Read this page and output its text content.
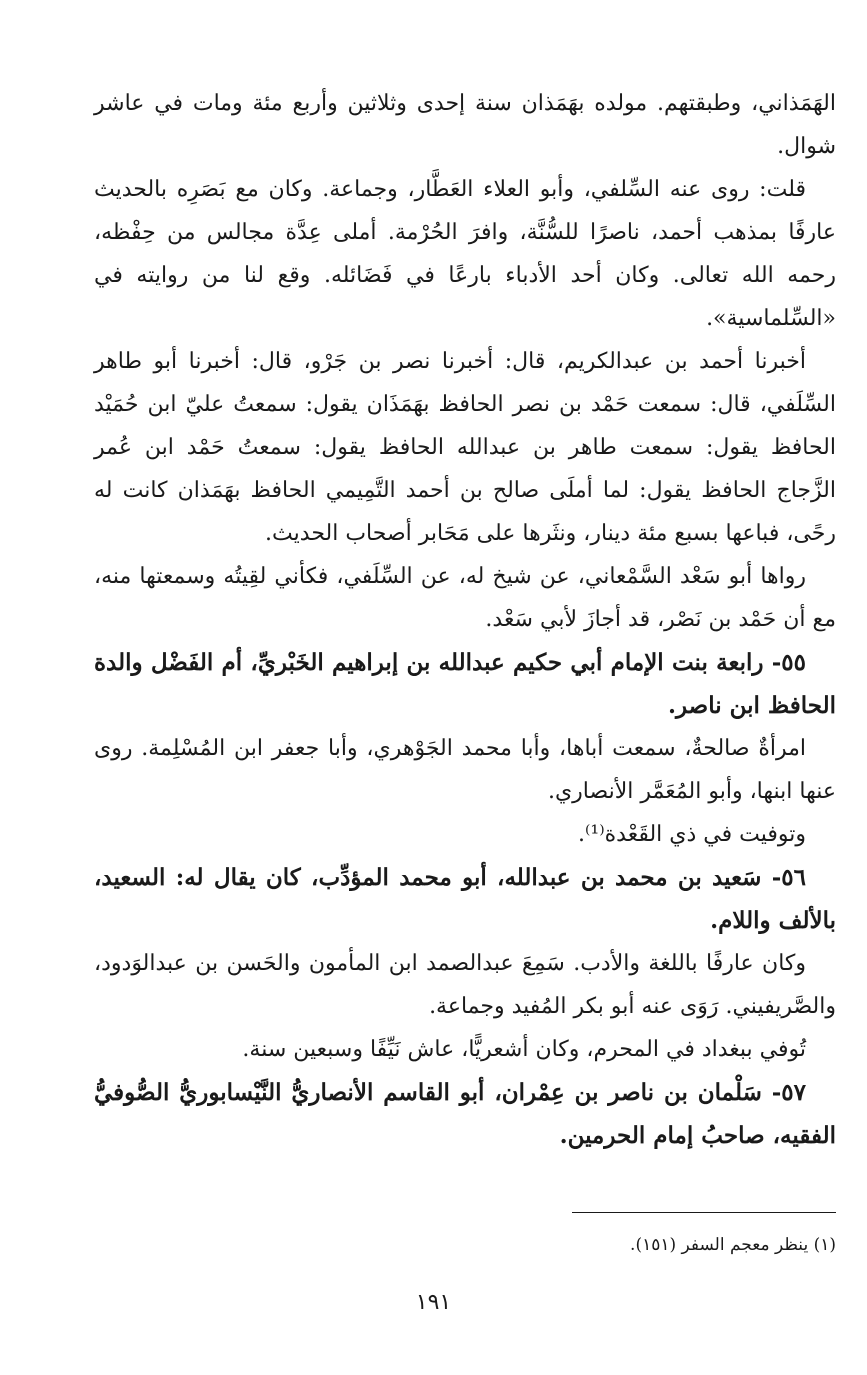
الهَمَذاني، وطبقتهم. مولده بهَمَذان سنة إحدى وثلاثين وأربع مئة ومات في عاشر شوال.

قلت: روى عنه السِّلفي، وأبو العلاء العَطَّار، وجماعة. وكان مع بَصَرِه بالحديث عارفًا بمذهب أحمد، ناصرًا للسُّنَّة، وافرَ الحُرْمة. أملى عِدَّة مجالس من حِفْظه، رحمه الله تعالى. وكان أحد الأدباء بارعًا في فَضَائله. وقع لنا من روايته في «السِّلماسية».

أخبرنا أحمد بن عبدالكريم، قال: أخبرنا نصر بن جَرْو، قال: أخبرنا أبو طاهر السِّلَفي، قال: سمعت حَمْد بن نصر الحافظ بهَمَذَان يقول: سمعتُ عليّ ابن حُمَيْد الحافظ يقول: سمعت طاهر بن عبدالله الحافظ يقول: سمعتُ حَمْد ابن عُمر الزَّجاج الحافظ يقول: لما أملَى صالح بن أحمد التَّمِيمي الحافظ بهَمَذان كانت له رحًى، فباعها بسبع مئة دينار، ونثَرها على مَحَابر أصحاب الحديث.

رواها أبو سَعْد السَّمْعاني، عن شيخ له، عن السِّلَفي، فكأني لقِيتُه وسمعتها منه، مع أن حَمْد بن نَصْر، قد أجازَ لأبي سَعْد.

٥٥- رابعة بنت الإمام أبي حكيم عبدالله بن إبراهيم الخَبْريِّ، أم الفَضْل والدة الحافظ ابن ناصر.

امرأةٌ صالحةٌ، سمعت أباها، وأبا محمد الجَوْهري، وأبا جعفر ابن المُسْلِمة. روى عنها ابنها، وأبو المُعَمَّر الأنصاري.

وتوفيت في ذي القَعْدة⁽¹⁾.

٥٦- سَعيد بن محمد بن عبدالله، أبو محمد المؤدِّب، كان يقال له: السعيد، بالألف واللام.

وكان عارفًا باللغة والأدب. سَمِعَ عبدالصمد ابن المأمون والحَسن بن عبدالوَدود، والصَّريفيني. رَوَى عنه أبو بكر المُفيد وجماعة.

تُوفي ببغداد في المحرم، وكان أشعريًّا، عاش نَيِّفًا وسبعين سنة.

٥٧- سَلْمان بن ناصر بن عِمْران، أبو القاسم الأنصاريُّ النَّيْسابوريُّ الصُّوفيُّ الفقيه، صاحبُ إمام الحرمين.

(١) ينظر معجم السفر (١٥١).
١٩١
